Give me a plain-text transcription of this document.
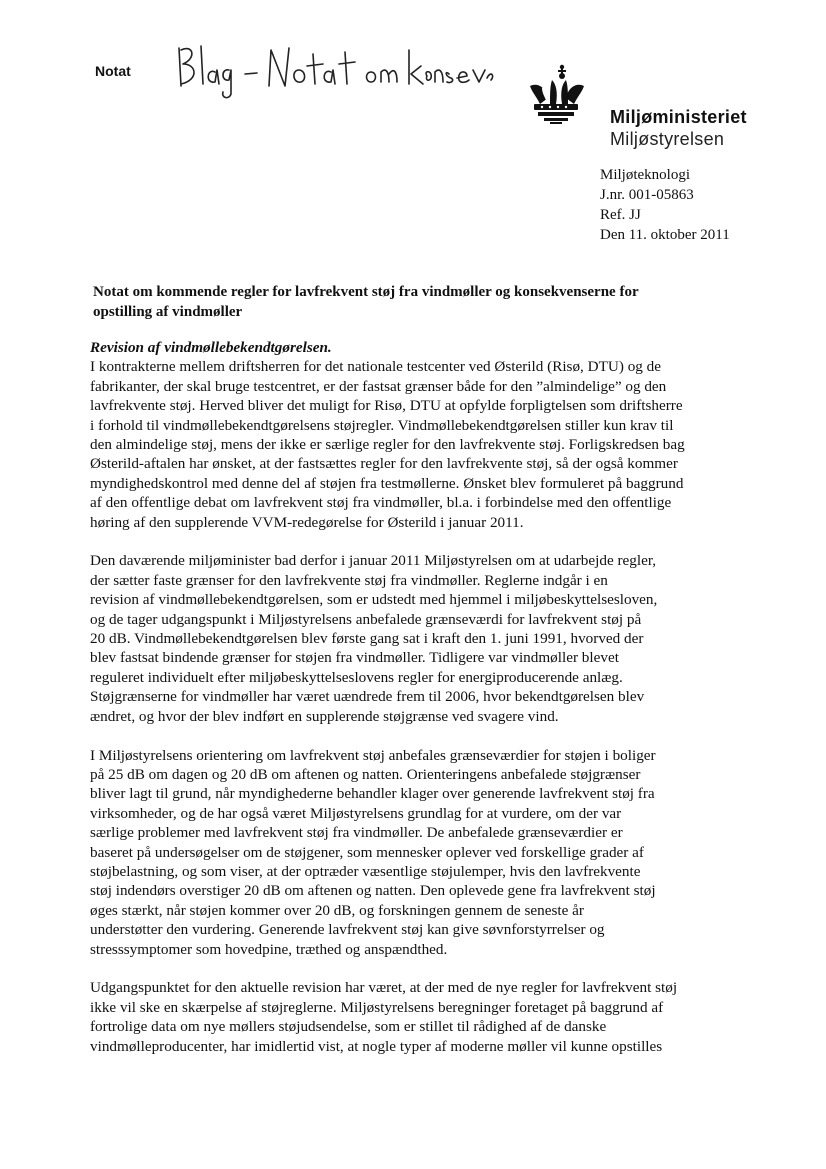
Notat
Miljøministeriet
Miljøstyrelsen
Miljøteknologi
J.nr. 001-05863
Ref. JJ
Den 11. oktober 2011
Notat om kommende regler for lavfrekvent støj fra vindmøller og konsekvenserne for
opstilling af vindmøller
Revision af vindmøllebekendtgørelsen.

I kontrakterne mellem driftsherren for det nationale testcenter ved Østerild (Risø, DTU) og de
fabrikanter, der skal bruge testcentret, er der fastsat grænser både for den ”almindelige” og den
lavfrekvente støj. Herved bliver det muligt for Risø, DTU at opfylde forpligtelsen som driftsherre
i forhold til vindmøllebekendtgørelsens støjregler. Vindmøllebekendtgørelsen stiller kun krav til
den almindelige støj, mens der ikke er særlige regler for den lavfrekvente støj. Forligskredsen bag
Østerild-aftalen har ønsket, at der fastsættes regler for den lavfrekvente støj, så der også kommer
myndighedskontrol med denne del af støjen fra testmøllerne. Ønsket blev formuleret på baggrund
af den offentlige debat om lavfrekvent støj fra vindmøller, bl.a. i forbindelse med den offentlige
høring af den supplerende VVM-redegørelse for Østerild i januar 2011.

Den daværende miljøminister bad derfor i januar 2011 Miljøstyrelsen om at udarbejde regler,
der sætter faste grænser for den lavfrekvente støj fra vindmøller. Reglerne indgår i en
revision af vindmøllebekendtgørelsen, som er udstedt med hjemmel i miljøbeskyttelsesloven,
og de tager udgangspunkt i Miljøstyrelsens anbefalede grænseværdi for lavfrekvent støj på
20 dB. Vindmøllebekendtgørelsen blev første gang sat i kraft den 1. juni 1991, hvorved der
blev fastsat bindende grænser for støjen fra vindmøller. Tidligere var vindmøller blevet
reguleret individuelt efter miljøbeskyttelseslovens regler for energiproducerende anlæg.
Støjgrænserne for vindmøller har været uændrede frem til 2006, hvor bekendtgørelsen blev
ændret, og hvor der blev indført en supplerende støjgrænse ved svagere vind.

I Miljøstyrelsens orientering om lavfrekvent støj anbefales grænseværdier for støjen i boliger
på 25 dB om dagen og 20 dB om aftenen og natten. Orienteringens anbefalede støjgrænser
bliver lagt til grund, når myndighederne behandler klager over generende lavfrekvent støj fra
virksomheder, og de har også været Miljøstyrelsens grundlag for at vurdere, om der var
særlige problemer med lavfrekvent støj fra vindmøller. De anbefalede grænseværdier er
baseret på undersøgelser om de støjgener, som mennesker oplever ved forskellige grader af
støjbelastning, og som viser, at der optræder væsentlige støjulemper, hvis den lavfrekvente
støj indendørs overstiger 20 dB om aftenen og natten. Den oplevede gene fra lavfrekvent støj
øges stærkt, når støjen kommer over 20 dB, og forskningen gennem de seneste år
understøtter den vurdering. Generende lavfrekvent støj kan give søvnforstyrrelser og
stresssymptomer som hovedpine, træthed og anspændthed.

Udgangspunktet for den aktuelle revision har været, at der med de nye regler for lavfrekvent støj
ikke vil ske en skærpelse af støjreglerne. Miljøstyrelsens beregninger foretaget på baggrund af
fortrolige data om nye møllers støjudsendelse, som er stillet til rådighed af de danske
vindmølleproducenter, har imidlertid vist, at nogle typer af moderne møller vil kunne opstilles
